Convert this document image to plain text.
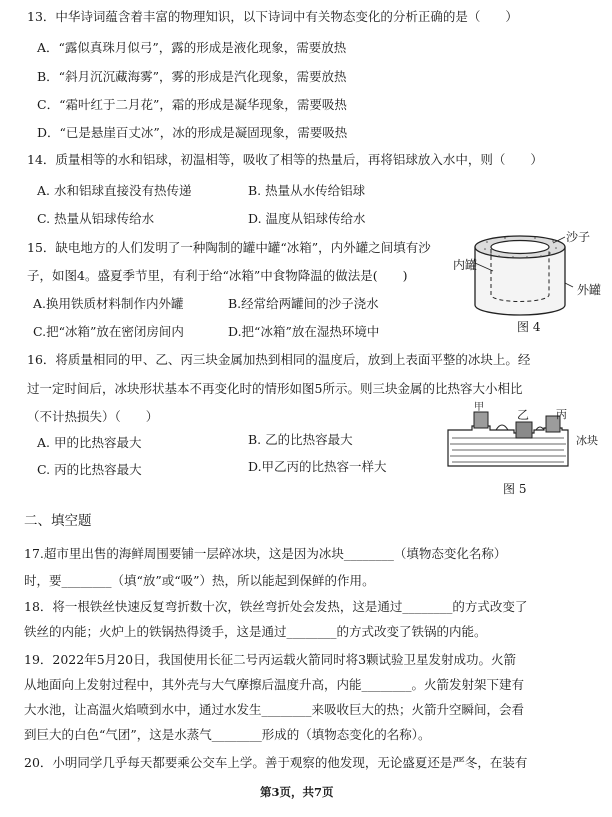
13．中华诗词蕴含着丰富的物理知识，以下诗词中有关物态变化的分析正确的是（　　）
A．“露似真珠月似弓”，露的形成是液化现象，需要放热
B．“斜月沉沉藏海雾”，雾的形成是汽化现象，需要放热
C．“霜叶红于二月花”，霜的形成是凝华现象，需要吸热
D．“已是悬崖百丈冰”，冰的形成是凝固现象，需要吸热
14．质量相等的水和铝球，初温相等，吸收了相等的热量后，再将铝球放入水中，则（　　）
A. 水和铝球直接没有热传递	B. 热量从水传给铝球
C. 热量从铝球传给水	D. 温度从铝球传给水
15．缺电地方的人们发明了一种陶制的罐中罐“冰箱”，内外罐之间填有沙
子，如图4。盛夏季节里，有利于给“冰箱”中食物降温的做法是(　　)
A.换用铁质材料制作内外罐	B.经常给两罐间的沙子浇水
C.把“冰箱”放在密闭房间内	D.把“冰箱”放在湿热环境中
沙子
内罐
外罐
图 4
16．将质量相同的甲、乙、丙三块金属加热到相同的温度后，放到上表面平整的冰块上。经
过一定时间后，冰块形状基本不再变化时的情形如图5所示。则三块金属的比热容大小相比
（不计热损失）（　　）
A. 甲的比热容最大	B. 乙的比热容最大
C. 丙的比热容最大	D.甲乙丙的比热容一样大
甲
乙 丙
冰块
图 5
二、填空题
17.超市里出售的海鲜周围要铺一层碎冰块，这是因为冰块________（填物态变化名称）
时，要________（填“放”或“吸”）热，所以能起到保鲜的作用。
18．将一根铁丝快速反复弯折数十次，铁丝弯折处会发热，这是通过________的方式改变了
铁丝的内能；火炉上的铁锅热得烫手，这是通过________的方式改变了铁锅的内能。
19．2022年5月20日，我国使用长征二号丙运载火箭同时将3颗试验卫星发射成功。火箭
从地面向上发射过程中，其外壳与大气摩擦后温度升高，内能________。火箭发射架下建有
大水池，让高温火焰喷到水中，通过水发生________来吸收巨大的热；火箭升空瞬间，会看
到巨大的白色“气团”，这是水蒸气________形成的（填物态变化的名称）。
20．小明同学几乎每天都要乘公交车上学。善于观察的他发现，无论盛夏还是严冬，在装有
第3页，共7页
